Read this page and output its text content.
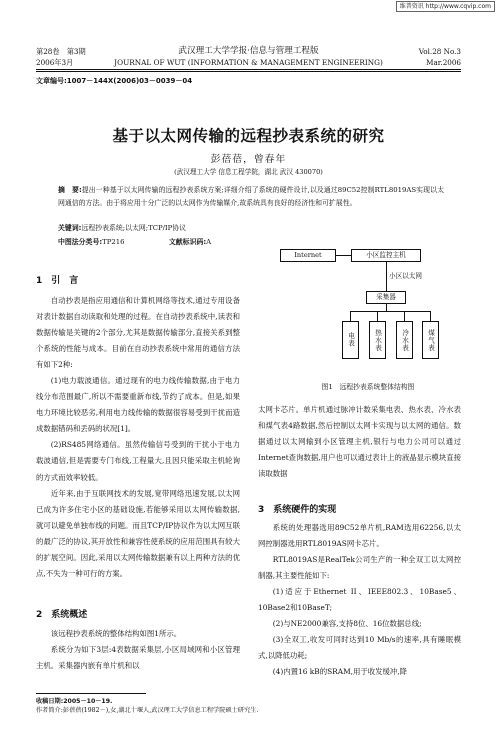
维普资讯 http://www.cqvip.com
第28卷　第3期
2006年3月
武汉理工大学学报·信息与管理工程版
JOURNAL OF WUT (INFORMATION & MANAGEMENT ENGINEERING)
Vol.28 No.3
Mar.2006
文章编号:1007－144X(2006)03－0039－04
基于以太网传输的远程抄表系统的研究
彭蓓蓓，曾春年
(武汉理工大学 信息工程学院，湖北 武汉 430070)
摘　要:提出一种基于以太网传输的远程抄表系统方案;详细介绍了系统的硬件设计,以及通过89C52控制RTL8019AS实现以太网通信的方法。由于将应用十分广泛的以太网作为传输媒介,故系统具有良好的经济性和可扩展性。
关键词:远程抄表系统;以太网;TCP/IP协议
中图法分类号:TP216	文献标识码:A
1　引　言

自动抄表是指应用通信和计算机网络等技术,通过专用设备对表计数据自动读取和处理的过程。在自动抄表系统中,读表和数据传输是关键的2个部分,尤其是数据传输部分,直接关系到整个系统的性能与成本。目前在自动抄表系统中常用的通信方法有如下2种:

(1)电力载波通信。通过现有的电力线传输数据,由于电力线分布范围最广,所以不需要重新布线,节约了成本。但是,如果电力环境比较恶劣,利用电力线传输的数据很容易受到干扰而造成数据错码和丢码的状况[1]。

(2)RS485网络通信。虽然传输信号受到的干扰小于电力载波通信,但是需要专门布线,工程量大,且因只能采取主机轮询的方式而效率较低。

近年来,由于互联网技术的发展,宽带网络迅速发展,以太网已成为许多住宅小区的基础设施,若能够采用以太网传输数据,就可以避免单独布线的问题。而且TCP/IP协议作为以太网互联的最广泛的协议,其开放性和兼容性使系统的应用范围具有较大的扩展空间。因此,采用以太网传输数据兼有以上两种方法的优点,不失为一种可行的方案。

2　系统概述

该远程抄表系统的整体结构如图1所示。

系统分为如下3层:4表数据采集层,小区局域网和小区管理主机。采集器内嵌有单片机和以

Internet	小区监控主机
小区以太网
采集器
电表	热水表	冷水表	煤气表
图1　远程抄表系统整体结构图

太网卡芯片。单片机通过脉冲计数采集电表、热水表、冷水表和煤气表4路数据,然后控制以太网卡实现与以太网的通信。数据通过以太网输到小区管理主机,银行与电力公司可以通过Internet查询数据,用户也可以通过表计上的液晶显示模块直接读取数据

3　系统硬件的实现

系统的处理器选用89C52单片机,RAM选用62256,以太网控制器选用RTL8019AS网卡芯片。

RTL8019AS是RealTek公司生产的一种全双工以太网控制器,其主要性能如下:

(1)适应于Ethernet II、IEEE802.3、10Base5、10Base2和10BaseT;

(2)与NE2000兼容,支持8位、16位数据总线;

(3)全双工,收发可同时达到10 Mb/s的速率,具有睡眠模式,以降低功耗;

(4)内置16 kB的SRAM,用于收发缓冲,降

收稿日期:2005－10－19.
作者简介:彭蓓蓓(1982－),女,湖北十堰人,武汉理工大学信息工程学院硕士研究生.
